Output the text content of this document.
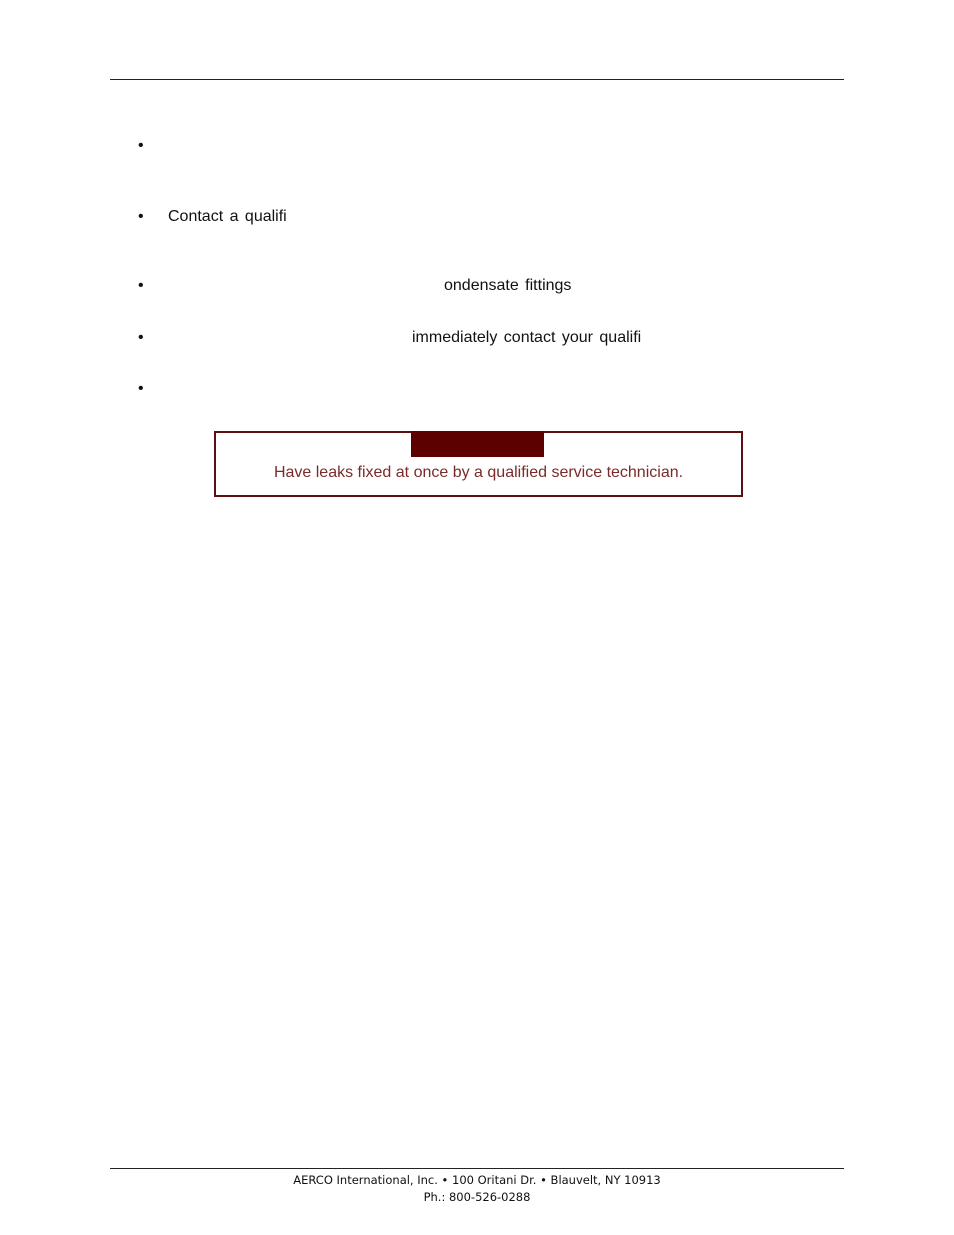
•
•	Contact a qualifi
•	ondensate fittings
•	immediately contact your qualifi
•
Have leaks fixed at once by a qualified service technician.
AERCO International, Inc. • 100 Oritani Dr. • Blauvelt, NY 10913
Ph.: 800-526-0288
